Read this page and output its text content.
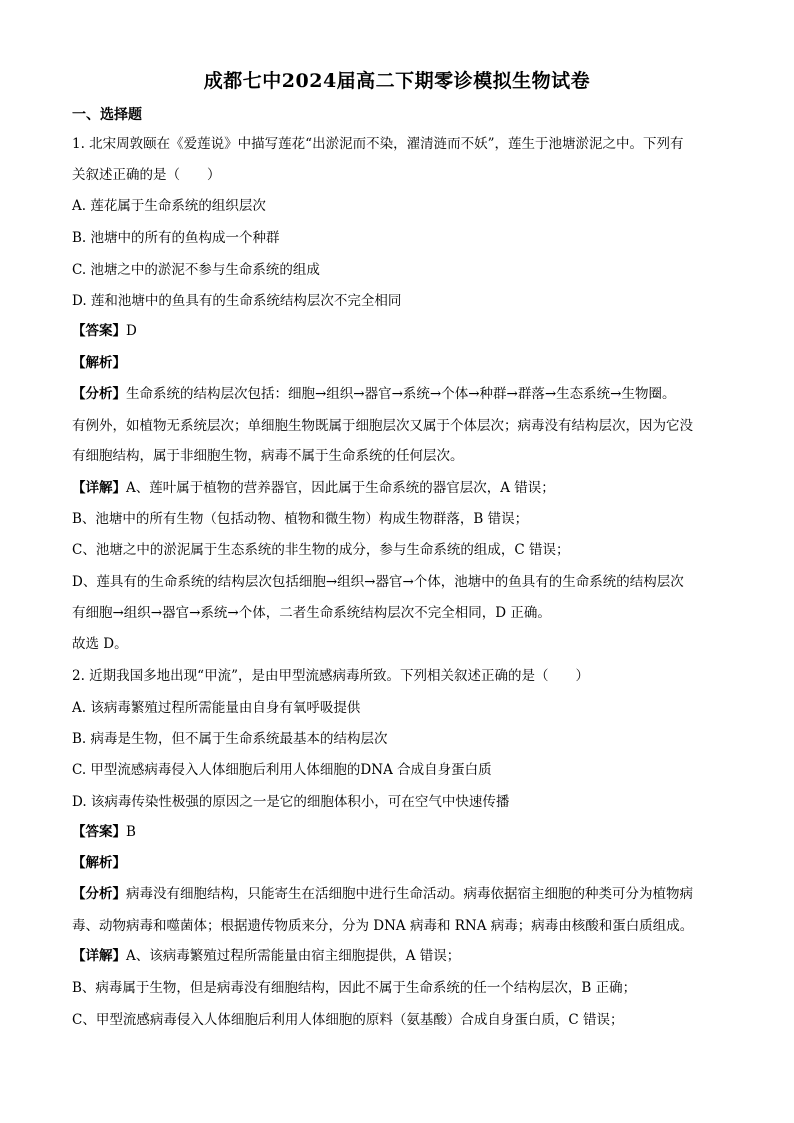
成都七中2024届高二下期零诊模拟生物试卷
一、选择题
1. 北宋周敦颐在《爱莲说》中描写莲花“出淤泥而不染，濯清涟而不妖”，莲生于池塘淤泥之中。下列有
关叙述正确的是（　　）
A. 莲花属于生命系统的组织层次
B. 池塘中的所有的鱼构成一个种群
C. 池塘之中的淤泥不参与生命系统的组成
D. 莲和池塘中的鱼具有的生命系统结构层次不完全相同
【答案】D
【解析】
【分析】生命系统的结构层次包括：细胞→组织→器官→系统→个体→种群→群落→生态系统→生物圈。
有例外，如植物无系统层次；单细胞生物既属于细胞层次又属于个体层次；病毒没有结构层次，因为它没
有细胞结构，属于非细胞生物，病毒不属于生命系统的任何层次。
【详解】A、莲叶属于植物的营养器官，因此属于生命系统的器官层次，A 错误；
B、池塘中的所有生物（包括动物、植物和微生物）构成生物群落，B 错误；
C、池塘之中的淤泥属于生态系统的非生物的成分，参与生命系统的组成，C 错误；
D、莲具有的生命系统的结构层次包括细胞→组织→器官→个体，池塘中的鱼具有的生命系统的结构层次
有细胞→组织→器官→系统→个体，二者生命系统结构层次不完全相同，D 正确。
故选 D。
2. 近期我国多地出现“甲流”，是由甲型流感病毒所致。下列相关叙述正确的是（　　）
A. 该病毒繁殖过程所需能量由自身有氧呼吸提供
B. 病毒是生物，但不属于生命系统最基本的结构层次
C. 甲型流感病毒侵入人体细胞后利用人体细胞的DNA 合成自身蛋白质
D. 该病毒传染性极强的原因之一是它的细胞体积小，可在空气中快速传播
【答案】B
【解析】
【分析】病毒没有细胞结构，只能寄生在活细胞中进行生命活动。病毒依据宿主细胞的种类可分为植物病
毒、动物病毒和噬菌体；根据遗传物质来分，分为 DNA 病毒和 RNA 病毒；病毒由核酸和蛋白质组成。
【详解】A、该病毒繁殖过程所需能量由宿主细胞提供，A 错误；
B、病毒属于生物，但是病毒没有细胞结构，因此不属于生命系统的任一个结构层次，B 正确；
C、甲型流感病毒侵入人体细胞后利用人体细胞的原料（氨基酸）合成自身蛋白质，C 错误；
